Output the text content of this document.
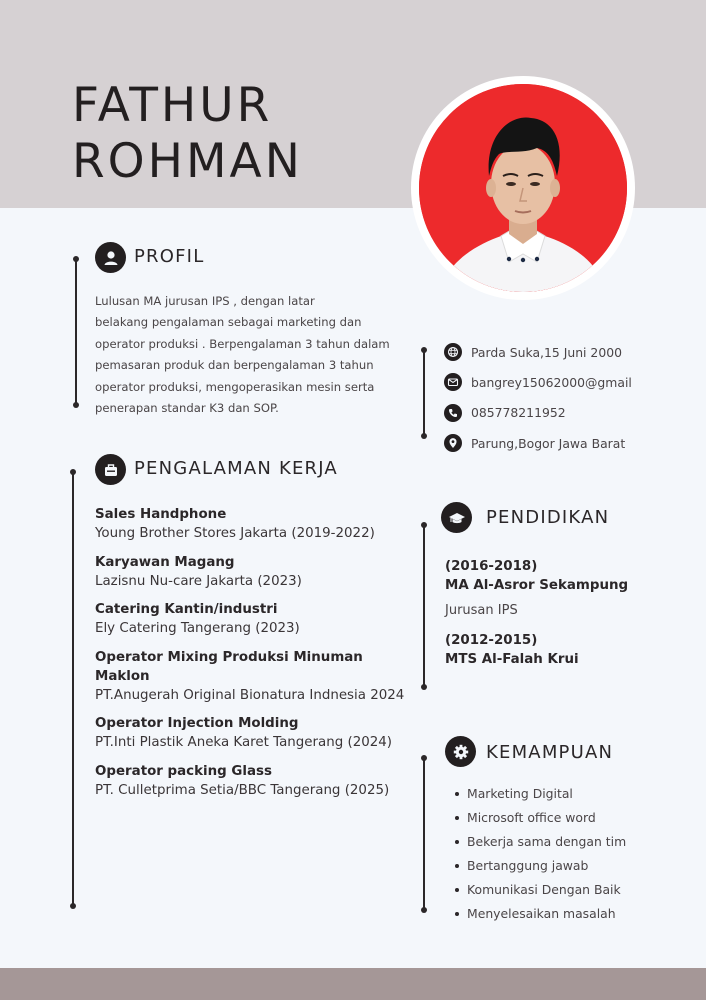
FATHUR
ROHMAN
PROFIL
Lulusan MA jurusan IPS , dengan latar
belakang pengalaman sebagai marketing dan
operator produksi . Berpengalaman 3 tahun dalam
pemasaran produk dan berpengalaman 3 tahun
operator produksi, mengoperasikan mesin serta
penerapan standar K3 dan SOP.
Parda Suka,15 Juni 2000
bangrey15062000@gmail
085778211952
Parung,Bogor Jawa Barat
PENGALAMAN KERJA
Sales Handphone
Young Brother Stores Jakarta (2019-2022)
Karyawan Magang
Lazisnu Nu-care Jakarta (2023)
Catering Kantin/industri
Ely Catering Tangerang (2023)
Operator Mixing Produksi Minuman Maklon
PT.Anugerah Original Bionatura Indnesia 2024
Operator Injection Molding
PT.Inti Plastik Aneka Karet Tangerang (2024)
Operator packing Glass
PT. Culletprima Setia/BBC Tangerang (2025)
PENDIDIKAN
(2016-2018)
MA Al-Asror Sekampung
Jurusan IPS
(2012-2015)
MTS Al-Falah Krui
KEMAMPUAN
Marketing Digital
Microsoft office word
Bekerja sama dengan tim
Bertanggung jawab
Komunikasi Dengan Baik
Menyelesaikan masalah
